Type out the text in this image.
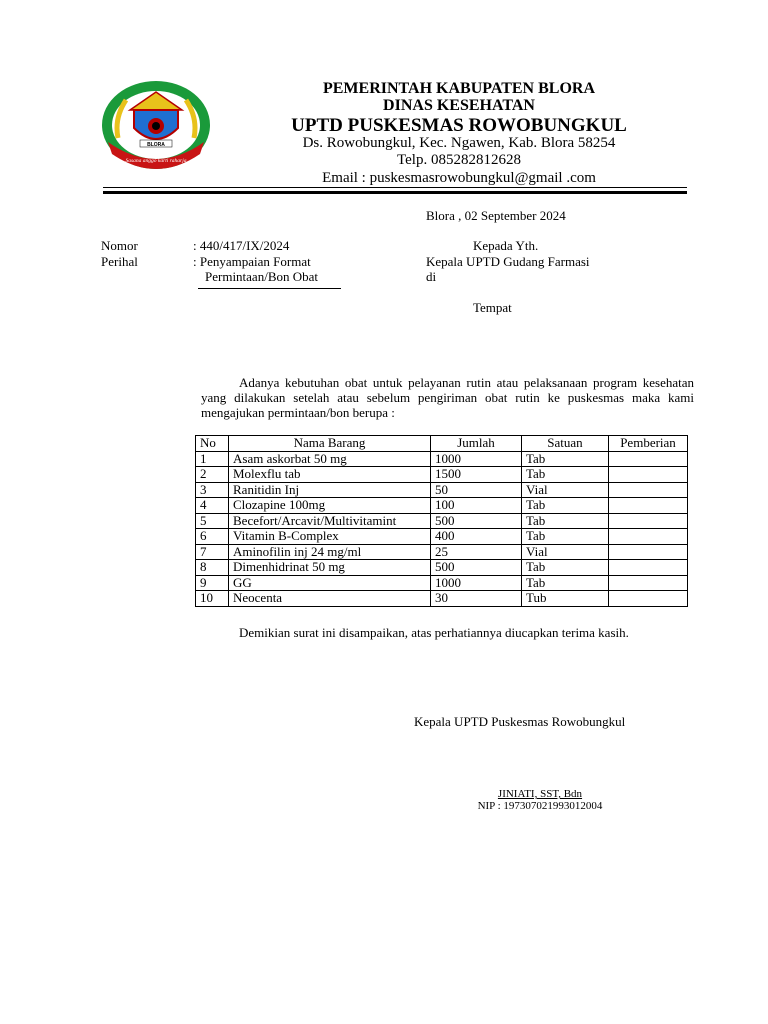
Sasana anggo karti raharja
BLORA
PEMERINTAH KABUPATEN BLORA
DINAS KESEHATAN
UPTD PUSKESMAS ROWOBUNGKUL
Ds. Rowobungkul, Kec. Ngawen, Kab. Blora 58254
Telp. 085282812628
Email : puskesmasrowobungkul@gmail .com
Blora , 02 September 2024
Nomor	: 440/417/IX/2024
Perihal	: Penyampaian Format
Permintaan/Bon Obat
Kepada Yth.
Kepala UPTD Gudang Farmasi
di
Tempat
Adanya kebutuhan obat untuk pelayanan rutin atau pelaksanaan program kesehatan yang dilakukan setelah atau sebelum pengiriman obat rutin ke puskesmas maka kami mengajukan permintaan/bon berupa :
No	Nama Barang	Jumlah	Satuan	Pemberian
1	Asam askorbat 50 mg	1000	Tab	
2	Molexflu tab	1500	Tab	
3	Ranitidin Inj	50	Vial	
4	Clozapine 100mg	100	Tab	
5	Becefort/Arcavit/Multivitamint	500	Tab	
6	Vitamin B-Complex	400	Tab	
7	Aminofilin inj 24 mg/ml	25	Vial	
8	Dimenhidrinat 50 mg	500	Tab	
9	GG	1000	Tab	
10	Neocenta	30	Tub	
Demikian surat ini disampaikan, atas perhatiannya diucapkan terima kasih.
Kepala UPTD Puskesmas Rowobungkul
JINIATI, SST, Bdn
NIP : 197307021993012004
